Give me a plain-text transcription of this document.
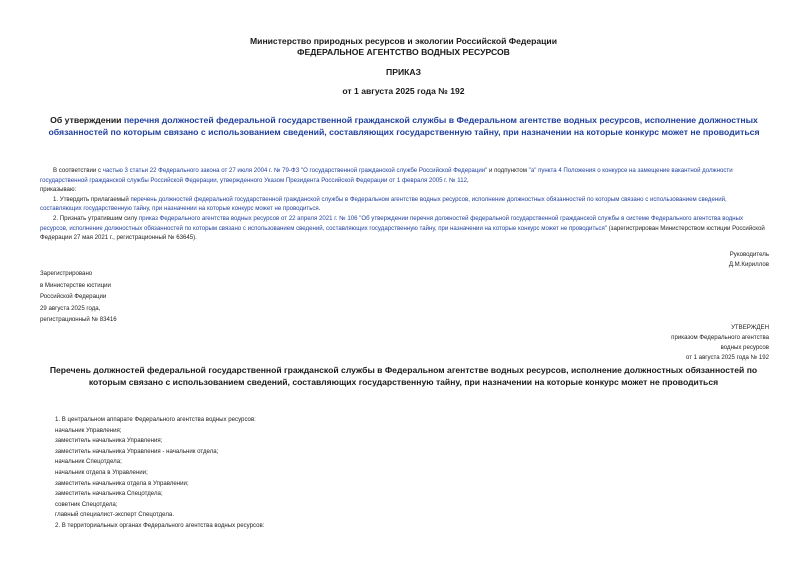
Министерство природных ресурсов и экологии Российской Федерации
ФЕДЕРАЛЬНОЕ АГЕНТСТВО ВОДНЫХ РЕСУРСОВ
ПРИКАЗ
от 1 августа 2025 года № 192
Об утверждении перечня должностей федеральной государственной гражданской службы в Федеральном агентстве водных ресурсов, исполнение должностных обязанностей по которым связано с использованием сведений, составляющих государственную тайну, при назначении на которые конкурс может не проводиться

В соответствии с частью 3 статьи 22 Федерального закона от 27 июля 2004 г. № 79-ФЗ "О государственной гражданской службе Российской Федерации" и подпунктом "а" пункта 4 Положения о конкурсе на замещение вакантной должности государственной гражданской службы Российской Федерации, утвержденного Указом Президента Российской Федерации от 1 февраля 2005 г. № 112,

приказываю:

1. Утвердить прилагаемый перечень должностей федеральной государственной гражданской службы в Федеральном агентстве водных ресурсов, исполнение должностных обязанностей по которым связано с использованием сведений, составляющих государственную тайну, при назначении на которые конкурс может не проводиться.

2. Признать утратившим силу приказ Федерального агентства водных ресурсов от 22 апреля 2021 г. № 106 "Об утверждении перечня должностей федеральной государственной гражданской службы в системе Федерального агентства водных ресурсов, исполнение должностных обязанностей по которым связано с использованием сведений, составляющих государственную тайну, при назначении на которые конкурс может не проводиться" (зарегистрирован Министерством юстиции Российской Федерации 27 мая 2021 г., регистрационный № 63645).

Руководитель
Д.М.Кириллов
Зарегистрировано
в Министерстве юстиции
Российской Федерации
29 августа 2025 года,
регистрационный № 83416
УТВЕРЖДЕН
приказом Федерального агентства
водных ресурсов
от 1 августа 2025 года № 192
Перечень должностей федеральной государственной гражданской службы в Федеральном агентстве водных ресурсов, исполнение должностных обязанностей по которым связано с использованием сведений, составляющих государственную тайну, при назначении на которые конкурс может не проводиться
1. В центральном аппарате Федерального агентства водных ресурсов:
начальник Управления;
заместитель начальника Управления;
заместитель начальника Управления - начальник отдела;
начальник Спецотдела;
начальник отдела в Управлении;
заместитель начальника отдела в Управлении;
заместитель начальника Спецотдела;
советник Спецотдела;
главный специалист-эксперт Спецотдела.
2. В территориальных органах Федерального агентства водных ресурсов:
